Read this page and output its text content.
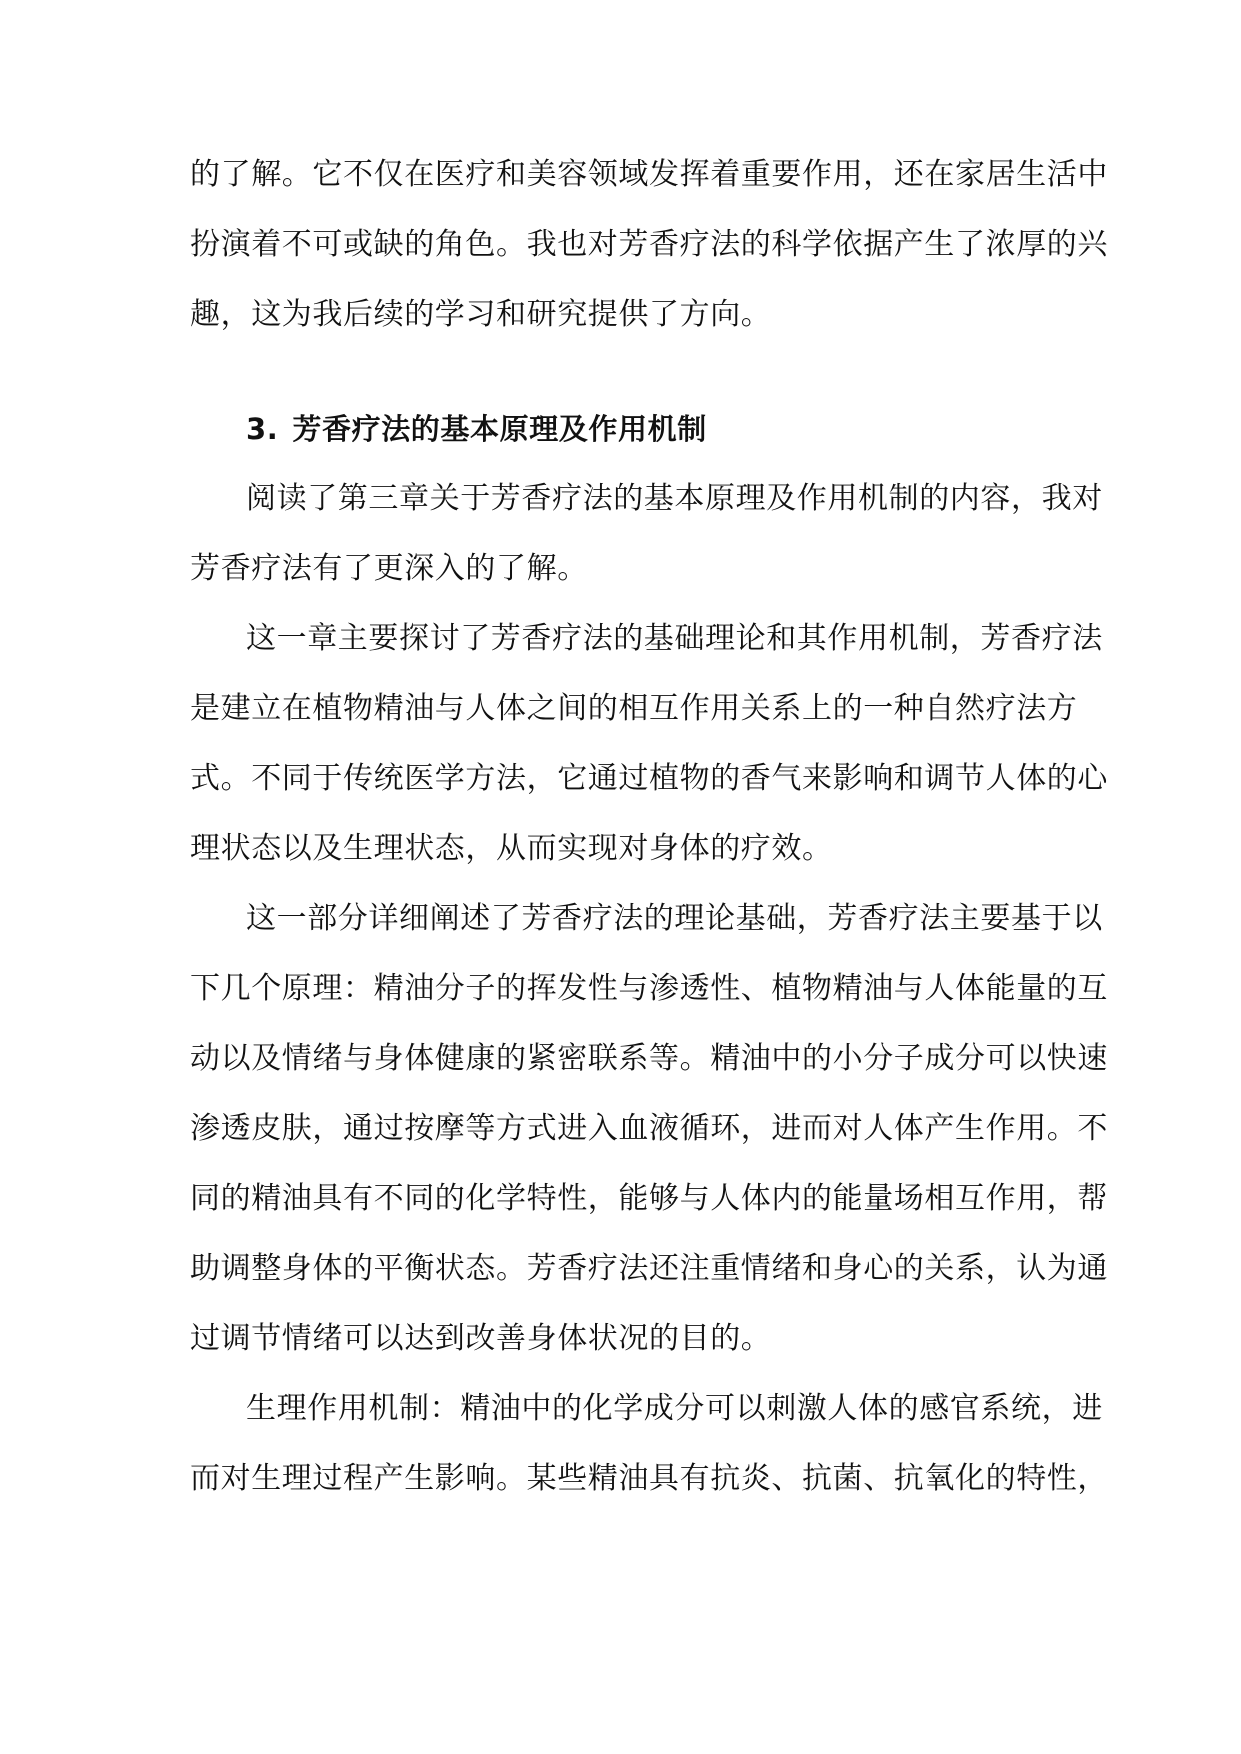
的了解。它不仅在医疗和美容领域发挥着重要作用，还在家居生活中
扮演着不可或缺的角色。我也对芳香疗法的科学依据产生了浓厚的兴
趣，这为我后续的学习和研究提供了方向。
3. 芳香疗法的基本原理及作用机制
阅读了第三章关于芳香疗法的基本原理及作用机制的内容，我对
芳香疗法有了更深入的了解。
这一章主要探讨了芳香疗法的基础理论和其作用机制，芳香疗法
是建立在植物精油与人体之间的相互作用关系上的一种自然疗法方
式。不同于传统医学方法，它通过植物的香气来影响和调节人体的心
理状态以及生理状态，从而实现对身体的疗效。
这一部分详细阐述了芳香疗法的理论基础，芳香疗法主要基于以
下几个原理：精油分子的挥发性与渗透性、植物精油与人体能量的互
动以及情绪与身体健康的紧密联系等。精油中的小分子成分可以快速
渗透皮肤，通过按摩等方式进入血液循环，进而对人体产生作用。不
同的精油具有不同的化学特性，能够与人体内的能量场相互作用，帮
助调整身体的平衡状态。芳香疗法还注重情绪和身心的关系，认为通
过调节情绪可以达到改善身体状况的目的。
生理作用机制：精油中的化学成分可以刺激人体的感官系统，进
而对生理过程产生影响。某些精油具有抗炎、抗菌、抗氧化的特性，
